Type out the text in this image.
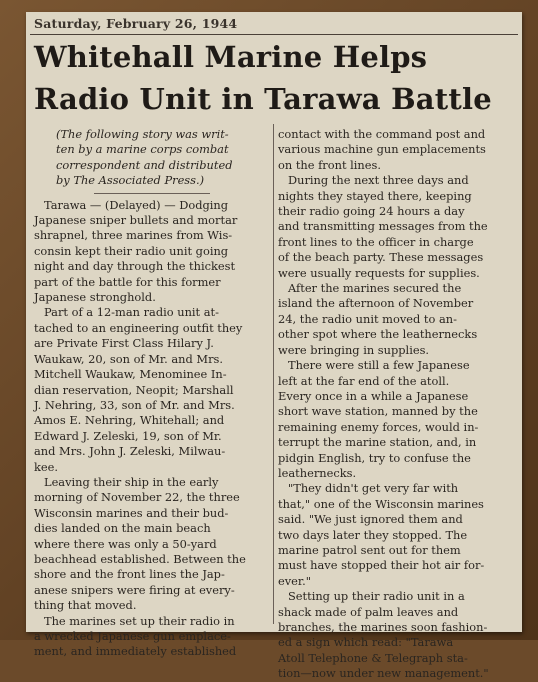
Saturday, February 26, 1944
Whitehall Marine Helps
Radio Unit in Tarawa Battle
(The following story was writ-
ten by a marine corps combat
correspondent and distributed
by The Associated Press.)
Tarawa — (Delayed) — Dodging
Japanese sniper bullets and mortar
shrapnel, three marines from Wis-
consin kept their radio unit going
night and day through the thickest
part of the battle for this former
Japanese stronghold.
Part of a 12-man radio unit at-
tached to an engineering outfit they
are Private First Class Hilary J.
Waukaw, 20, son of Mr. and Mrs.
Mitchell Waukaw, Menominee In-
dian reservation, Neopit; Marshall
J. Nehring, 33, son of Mr. and Mrs.
Amos E. Nehring, Whitehall; and
Edward J. Zeleski, 19, son of Mr.
and Mrs. John J. Zeleski, Milwau-
kee.
Leaving their ship in the early
morning of November 22, the three
Wisconsin marines and their bud-
dies landed on the main beach
where there was only a 50-yard
beachhead established. Between the
shore and the front lines the Jap-
anese snipers were firing at every-
thing that moved.
The marines set up their radio in
a wrecked Japanese gun emplace-
ment, and immediately established
contact with the command post and
various machine gun emplacements
on the front lines.
During the next three days and
nights they stayed there, keeping
their radio going 24 hours a day
and transmitting messages from the
front lines to the officer in charge
of the beach party. These messages
were usually requests for supplies.
After the marines secured the
island the afternoon of November
24, the radio unit moved to an-
other spot where the leathernecks
were bringing in supplies.
There were still a few Japanese
left at the far end of the atoll.
Every once in a while a Japanese
short wave station, manned by the
remaining enemy forces, would in-
terrupt the marine station, and, in
pidgin English, try to confuse the
leathernecks.
"They didn't get very far with
that," one of the Wisconsin marines
said. "We just ignored them and
two days later they stopped. The
marine patrol sent out for them
must have stopped their hot air for-
ever."
Setting up their radio unit in a
shack made of palm leaves and
branches, the marines soon fashion-
ed a sign which read: "Tarawa
Atoll Telephone & Telegraph sta-
tion—now under new management."
